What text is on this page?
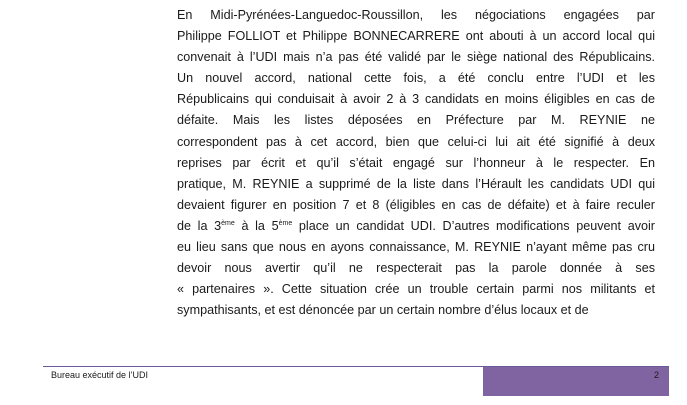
En Midi-Pyrénées-Languedoc-Roussillon, les négociations engagées par
Philippe FOLLIOT et Philippe BONNECARRERE ont abouti à un accord local qui
convenait à l’UDI mais n’a pas été validé par le siège national des Républicains.
Un nouvel accord, national cette fois, a été conclu entre l’UDI et les
Républicains qui conduisait à avoir 2 à 3 candidats en moins éligibles en cas de
défaite. Mais les listes déposées en Préfecture par M. REYNIE ne
correspondent pas à cet accord, bien que celui-ci lui ait été signifié à deux
reprises par écrit et qu’il s’était engagé sur l’honneur à le respecter. En
pratique, M. REYNIE a supprimé de la liste dans l’Hérault les candidats UDI qui
devaient figurer en position 7 et 8 (éligibles en cas de défaite) et à faire reculer
de la 3ème à la 5ème place un candidat UDI. D’autres modifications peuvent avoir
eu lieu sans que nous en ayons connaissance, M. REYNIE n’ayant même pas cru
devoir nous avertir qu’il ne respecterait pas la parole donnée à ses
« partenaires ». Cette situation crée un trouble certain parmi nos militants et
sympathisants, et est dénoncée par un certain nombre d’élus locaux et de
Bureau exécutif de l’UDI	2
